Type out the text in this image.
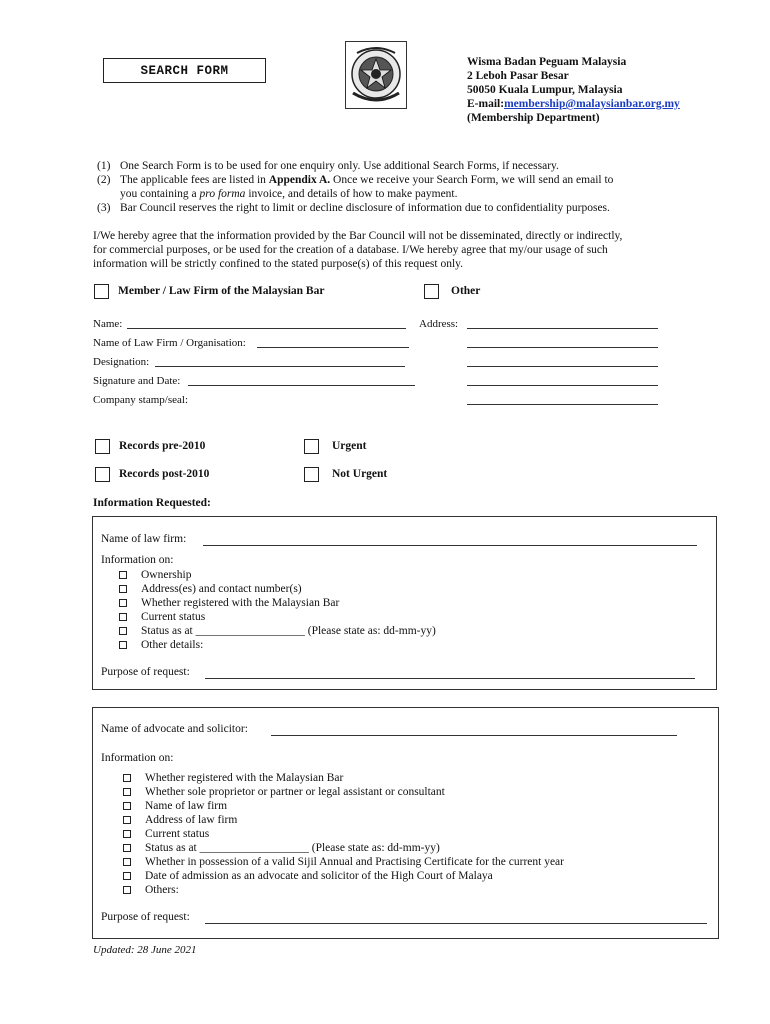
SEARCH FORM
Wisma Badan Peguam Malaysia
2 Leboh Pasar Besar
50050 Kuala Lumpur, Malaysia
E-mail:membership@malaysianbar.org.my
(Membership Department)
(1) One Search Form is to be used for one enquiry only. Use additional Search Forms, if necessary.
(2) The applicable fees are listed in Appendix A. Once we receive your Search Form, we will send an email to
you containing a pro forma invoice, and details of how to make payment.
(3) Bar Council reserves the right to limit or decline disclosure of information due to confidentiality purposes.
I/We hereby agree that the information provided by the Bar Council will not be disseminated, directly or indirectly,
for commercial purposes, or be used for the creation of a database. I/We hereby agree that my/our usage of such
information will be strictly confined to the stated purpose(s) of this request only.
Member / Law Firm of the Malaysian Bar	Other
Name:
Name of Law Firm / Organisation:
Designation:
Signature and Date:
Company stamp/seal:
Address:
Records pre-2010	Urgent
Records post-2010	Not Urgent
Information Requested:
Name of law firm:
Information on:
Ownership
Address(es) and contact number(s)
Whether registered with the Malaysian Bar
Current status
Status as at ___________________ (Please state as: dd-mm-yy)
Other details:
Purpose of request:
Name of advocate and solicitor:
Information on:
Whether registered with the Malaysian Bar
Whether sole proprietor or partner or legal assistant or consultant
Name of law firm
Address of law firm
Current status
Status as at ___________________ (Please state as: dd-mm-yy)
Whether in possession of a valid Sijil Annual and Practising Certificate for the current year
Date of admission as an advocate and solicitor of the High Court of Malaya
Others:
Purpose of request:
Updated: 28 June 2021
